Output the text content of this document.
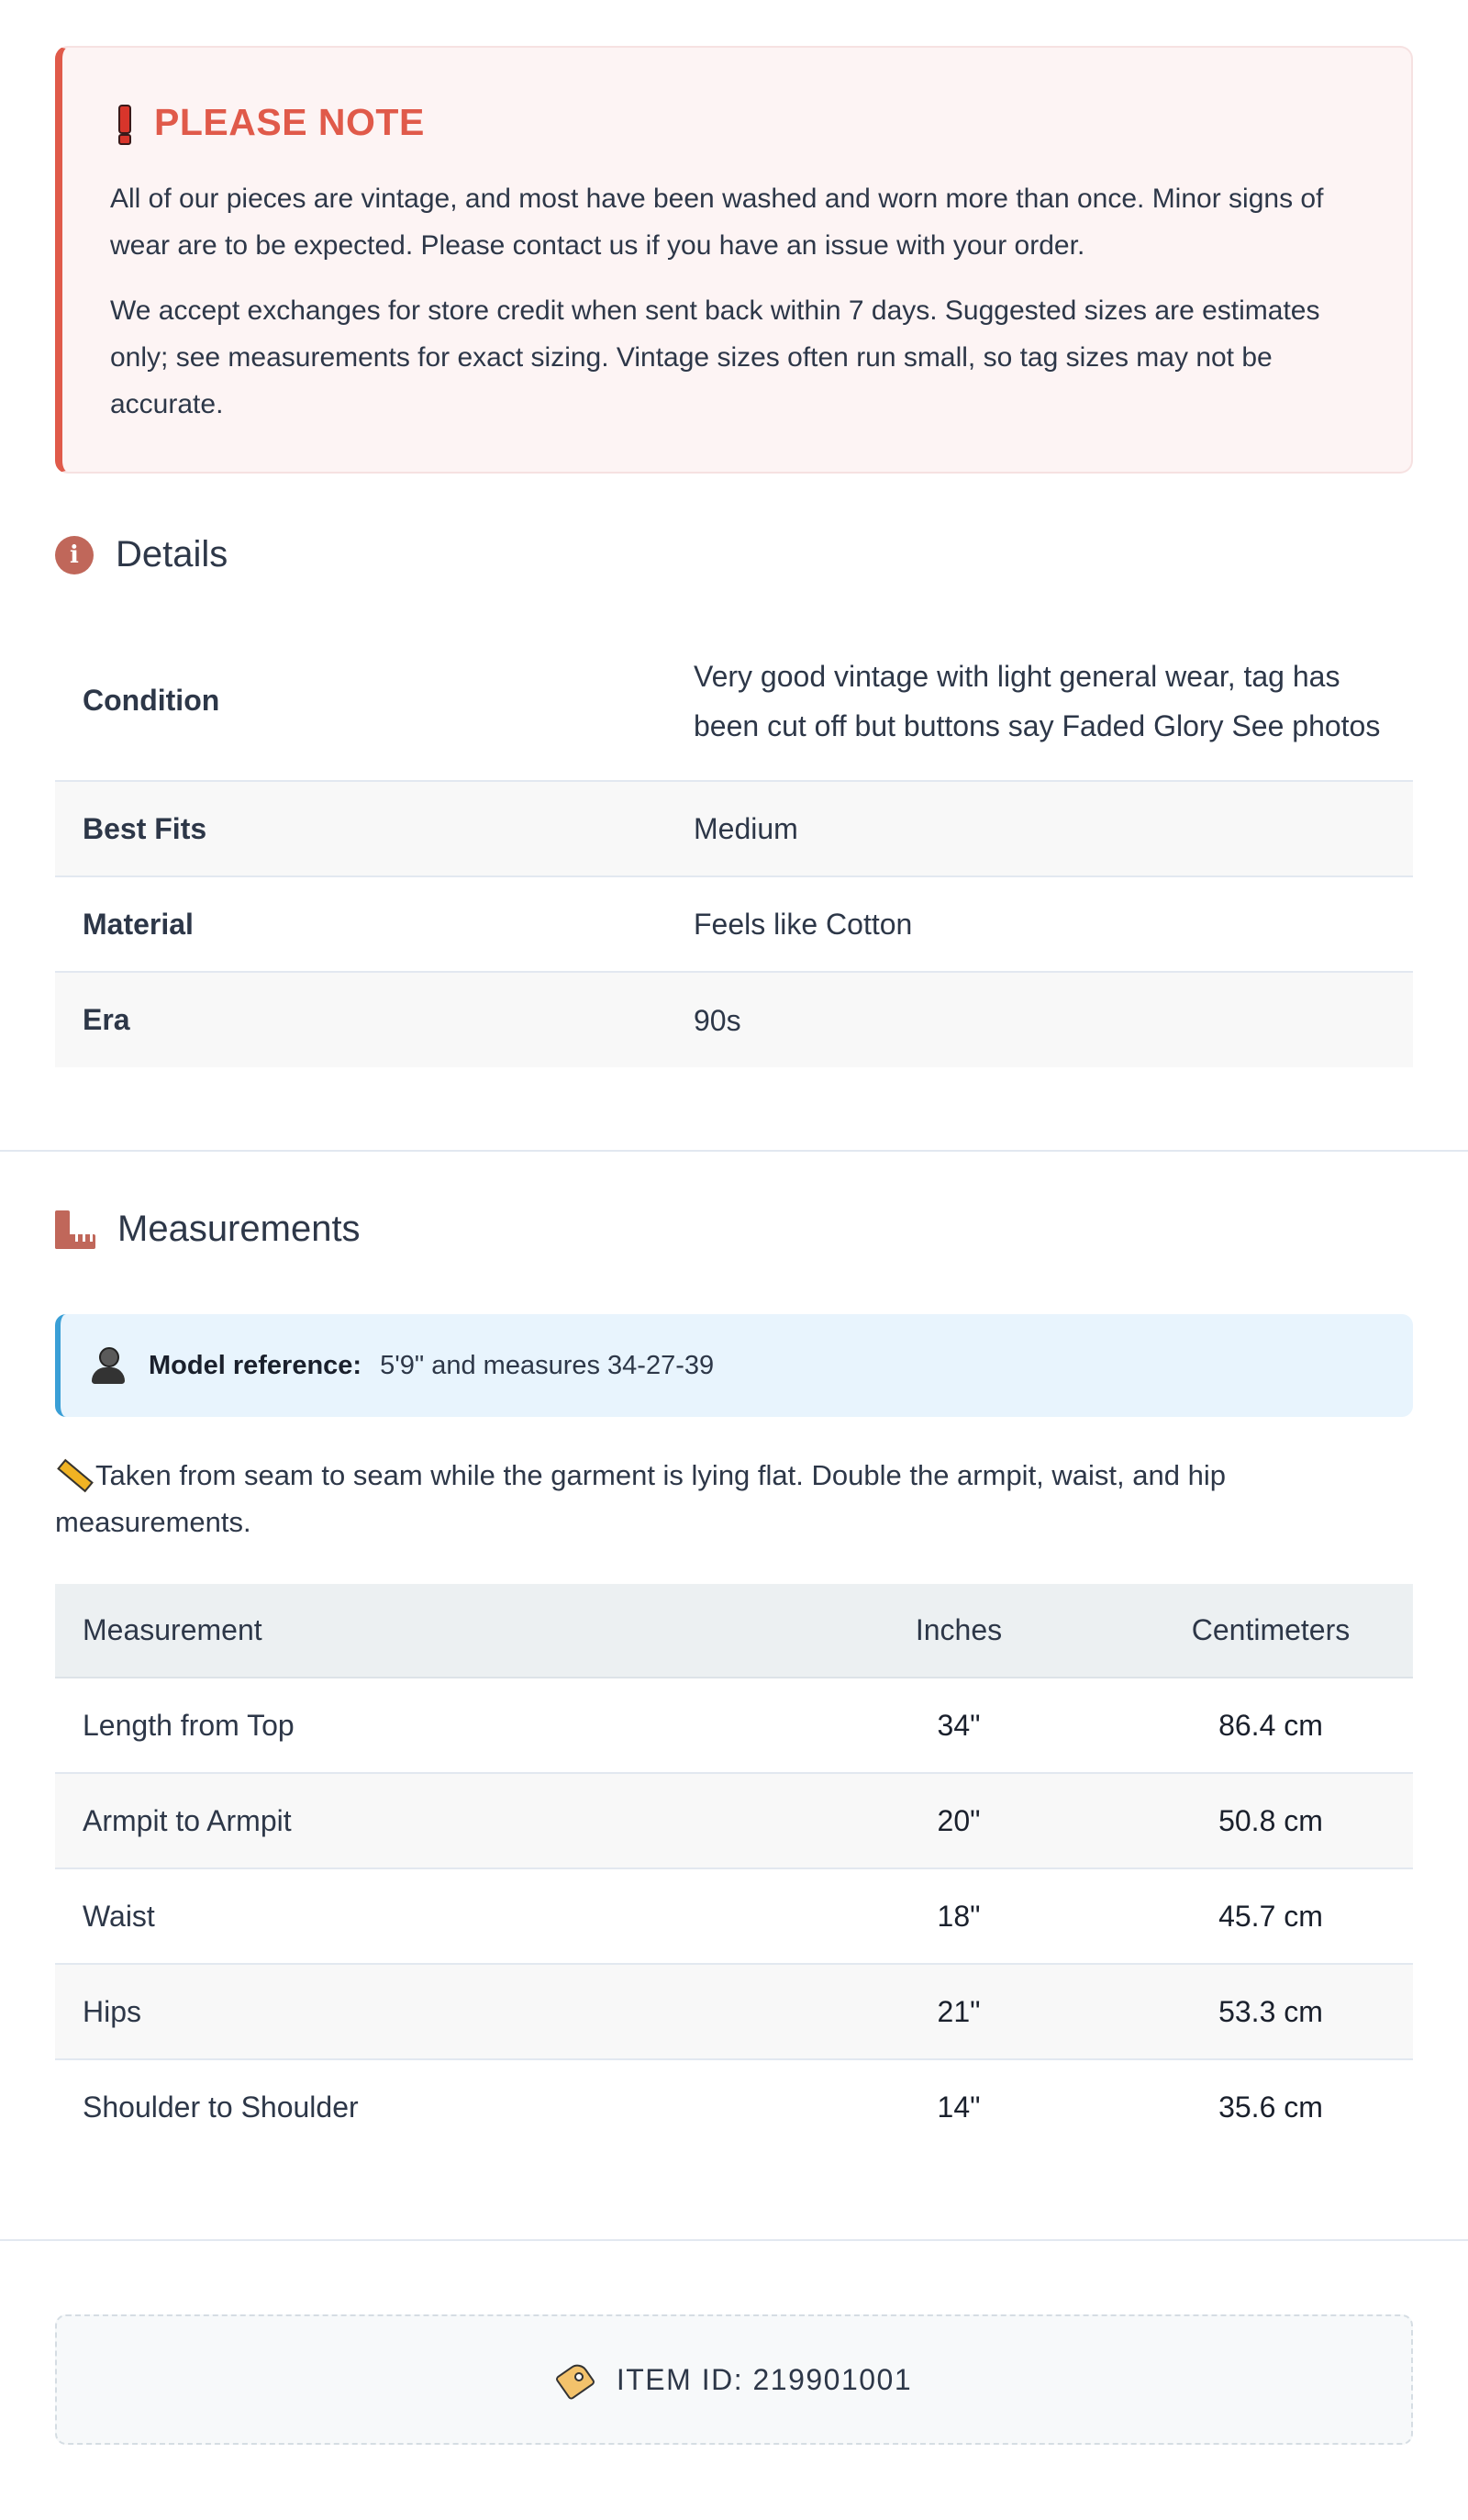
PLEASE NOTE

All of our pieces are vintage, and most have been washed and worn more than once. Minor signs of wear are to be expected. Please contact us if you have an issue with your order.

We accept exchanges for store credit when sent back within 7 days. Suggested sizes are estimates only; see measurements for exact sizing. Vintage sizes often run small, so tag sizes may not be accurate.

i	Details
Condition	Very good vintage with light general wear, tag has been cut off but buttons say Faded Glory See photos
Best Fits	Medium
Material	Feels like Cotton
Era	90s
Measurements
Model reference: 5'9" and measures 34-27-39
Taken from seam to seam while the garment is lying flat. Double the armpit, waist, and hip measurements.
Measurement	Inches	Centimeters
Length from Top	34"	86.4 cm
Armpit to Armpit	20"	50.8 cm
Waist	18"	45.7 cm
Hips	21"	53.3 cm
Shoulder to Shoulder	14"	35.6 cm
ITEM ID: 219901001
